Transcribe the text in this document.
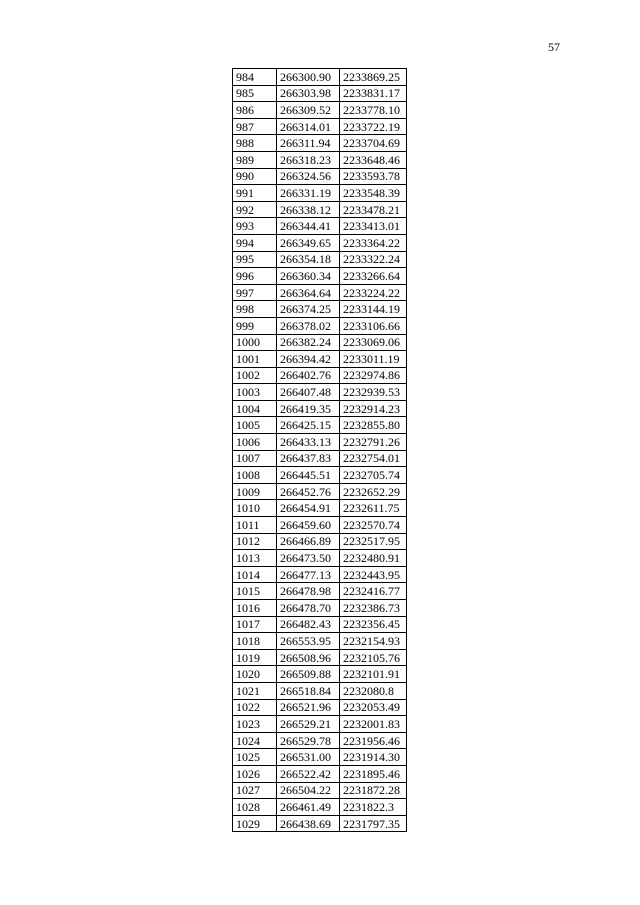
57
984	266300.90	2233869.25
985	266303.98	2233831.17
986	266309.52	2233778.10
987	266314.01	2233722.19
988	266311.94	2233704.69
989	266318.23	2233648.46
990	266324.56	2233593.78
991	266331.19	2233548.39
992	266338.12	2233478.21
993	266344.41	2233413.01
994	266349.65	2233364.22
995	266354.18	2233322.24
996	266360.34	2233266.64
997	266364.64	2233224.22
998	266374.25	2233144.19
999	266378.02	2233106.66
1000	266382.24	2233069.06
1001	266394.42	2233011.19
1002	266402.76	2232974.86
1003	266407.48	2232939.53
1004	266419.35	2232914.23
1005	266425.15	2232855.80
1006	266433.13	2232791.26
1007	266437.83	2232754.01
1008	266445.51	2232705.74
1009	266452.76	2232652.29
1010	266454.91	2232611.75
1011	266459.60	2232570.74
1012	266466.89	2232517.95
1013	266473.50	2232480.91
1014	266477.13	2232443.95
1015	266478.98	2232416.77
1016	266478.70	2232386.73
1017	266482.43	2232356.45
1018	266553.95	2232154.93
1019	266508.96	2232105.76
1020	266509.88	2232101.91
1021	266518.84	2232080.8
1022	266521.96	2232053.49
1023	266529.21	2232001.83
1024	266529.78	2231956.46
1025	266531.00	2231914.30
1026	266522.42	2231895.46
1027	266504.22	2231872.28
1028	266461.49	2231822.3
1029	266438.69	2231797.35
